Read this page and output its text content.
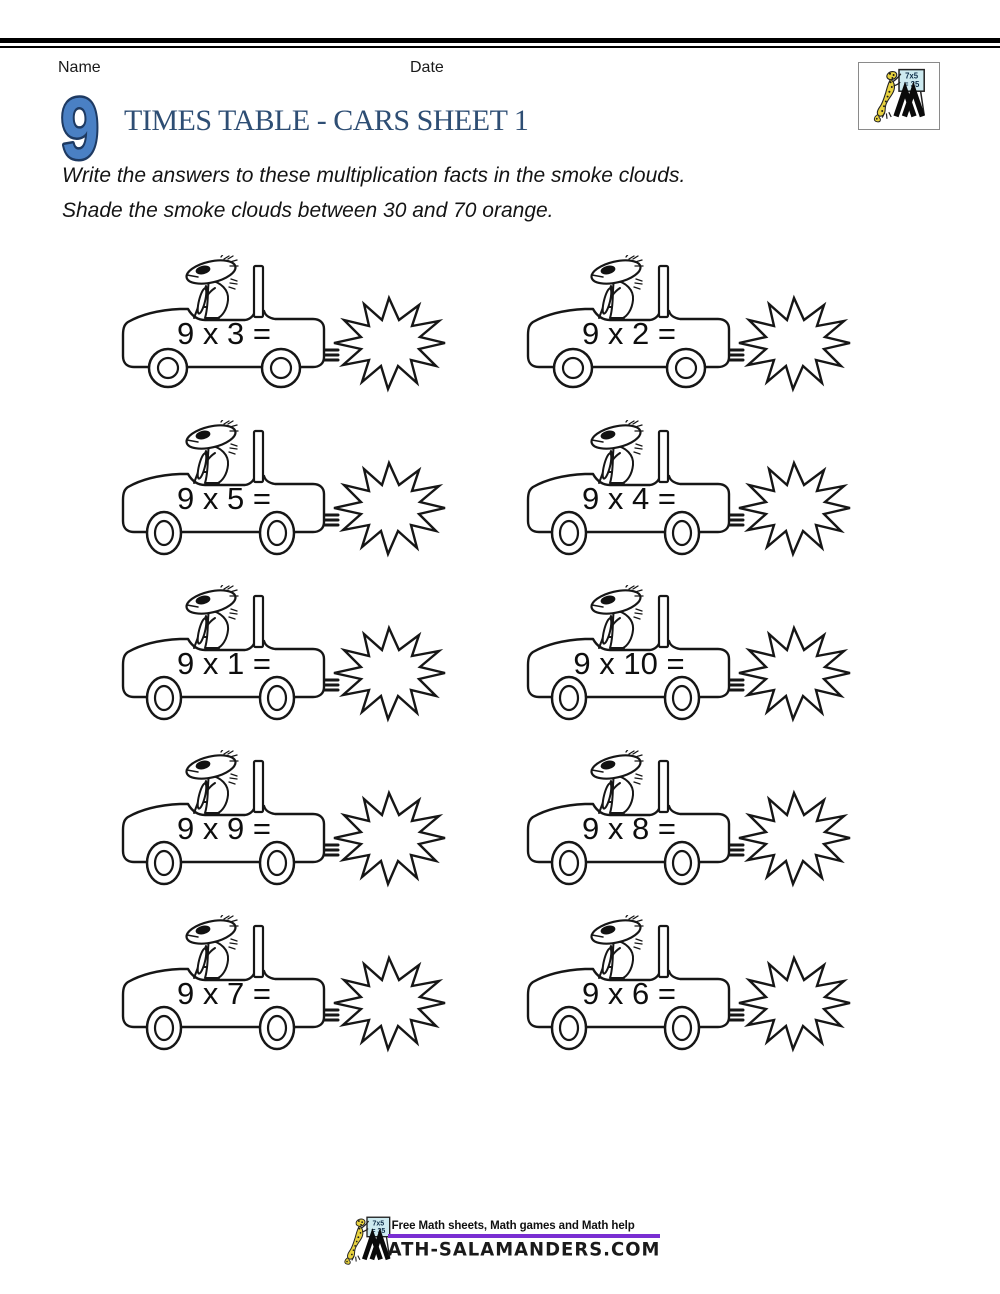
Name	Date
9 TIMES TABLE - CARS SHEET 1
Write the answers to these multiplication facts in the smoke clouds.
Shade the smoke clouds between 30 and 70 orange.
9 x 3 =	9 x 2 =
9 x 5 =	9 x 4 =
9 x 1 =	9 x 10 =
9 x 9 =	9 x 8 =
9 x 7 =	9 x 6 =
Free Math sheets, Math games and Math help
ATH-SALAMANDERS.COM
